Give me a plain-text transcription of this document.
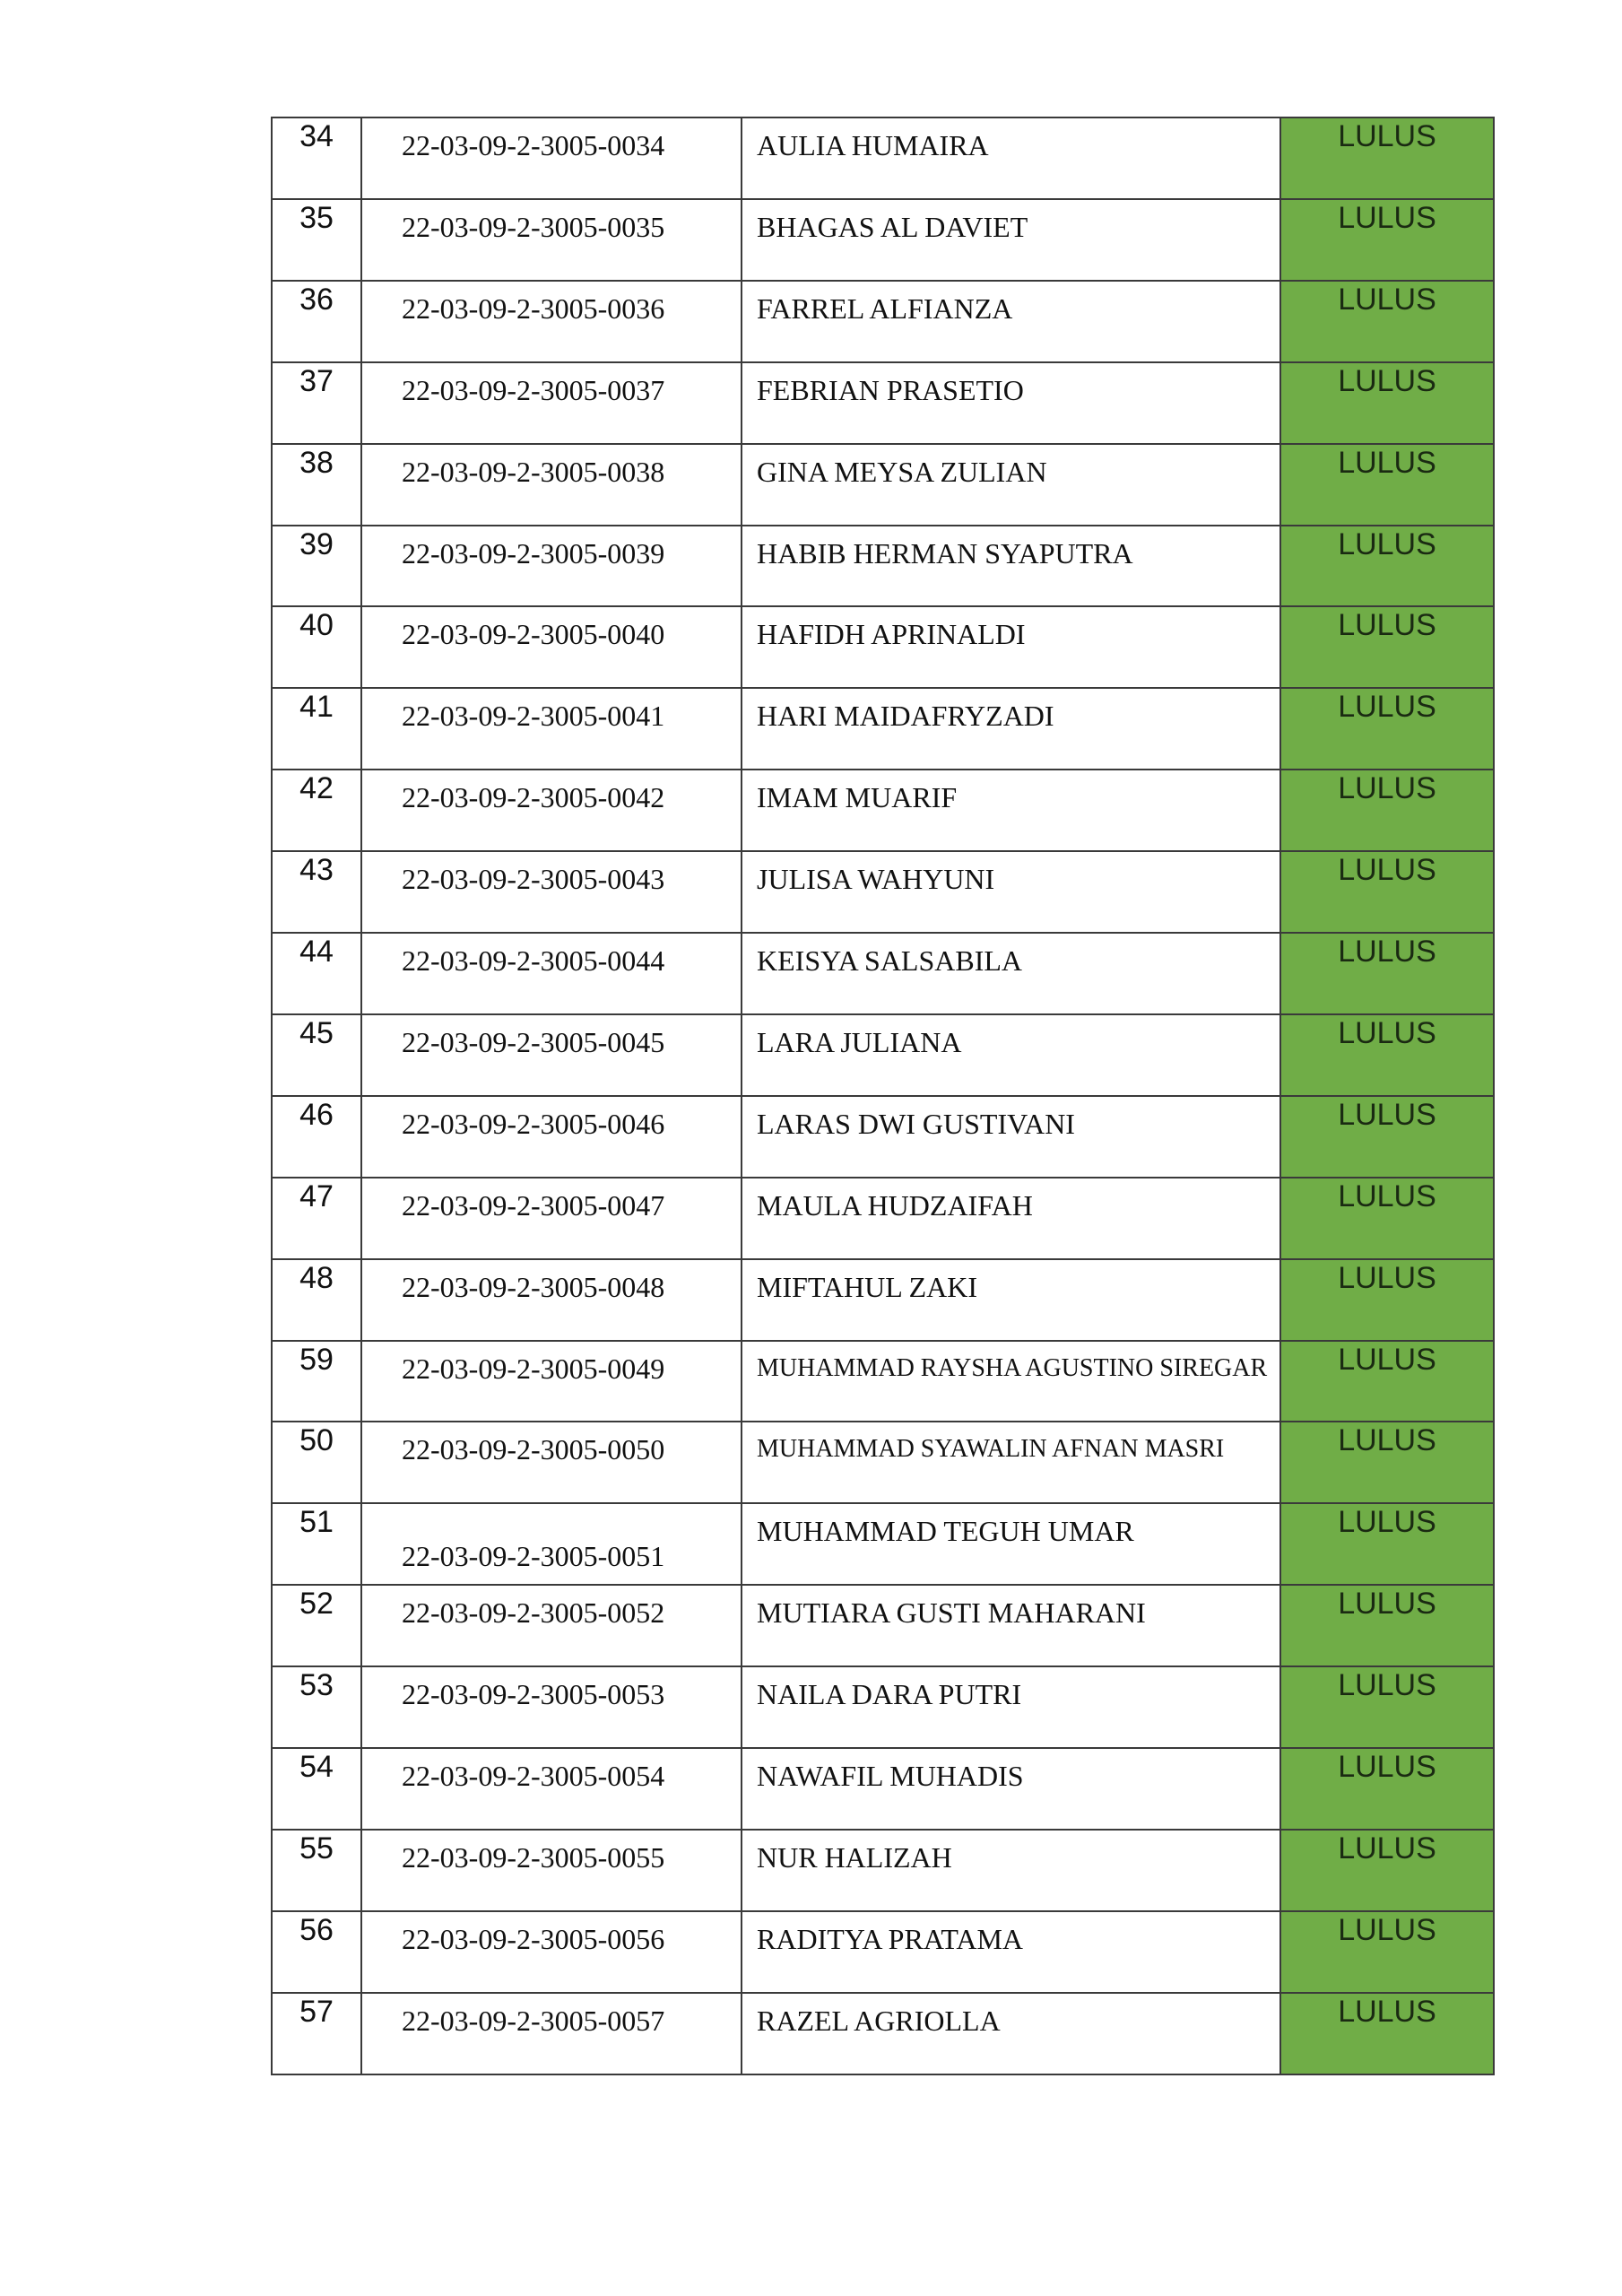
34	22-03-09-2-3005-0034	AULIA HUMAIRA	LULUS

35	22-03-09-2-3005-0035	BHAGAS AL DAVIET	LULUS

36	22-03-09-2-3005-0036	FARREL ALFIANZA	LULUS

37	22-03-09-2-3005-0037	FEBRIAN PRASETIO	LULUS

38	22-03-09-2-3005-0038	GINA MEYSA ZULIAN	LULUS

39	22-03-09-2-3005-0039	HABIB HERMAN SYAPUTRA	LULUS

40	22-03-09-2-3005-0040	HAFIDH APRINALDI	LULUS

41	22-03-09-2-3005-0041	HARI MAIDAFRYZADI	LULUS

42	22-03-09-2-3005-0042	IMAM MUARIF	LULUS

43	22-03-09-2-3005-0043	JULISA WAHYUNI	LULUS

44	22-03-09-2-3005-0044	KEISYA SALSABILA	LULUS

45	22-03-09-2-3005-0045	LARA JULIANA	LULUS

46	22-03-09-2-3005-0046	LARAS DWI GUSTIVANI	LULUS

47	22-03-09-2-3005-0047	MAULA HUDZAIFAH	LULUS

48	22-03-09-2-3005-0048	MIFTAHUL ZAKI	LULUS

59	22-03-09-2-3005-0049	MUHAMMAD RAYSHA AGUSTINO SIREGAR	LULUS

50	22-03-09-2-3005-0050	MUHAMMAD SYAWALIN AFNAN MASRI	LULUS

51	22-03-09-2-3005-0051	MUHAMMAD TEGUH UMAR	LULUS

52	22-03-09-2-3005-0052	MUTIARA GUSTI MAHARANI	LULUS

53	22-03-09-2-3005-0053	NAILA DARA PUTRI	LULUS

54	22-03-09-2-3005-0054	NAWAFIL MUHADIS	LULUS

55	22-03-09-2-3005-0055	NUR HALIZAH	LULUS

56	22-03-09-2-3005-0056	RADITYA PRATAMA	LULUS

57	22-03-09-2-3005-0057	RAZEL AGRIOLLA	LULUS
